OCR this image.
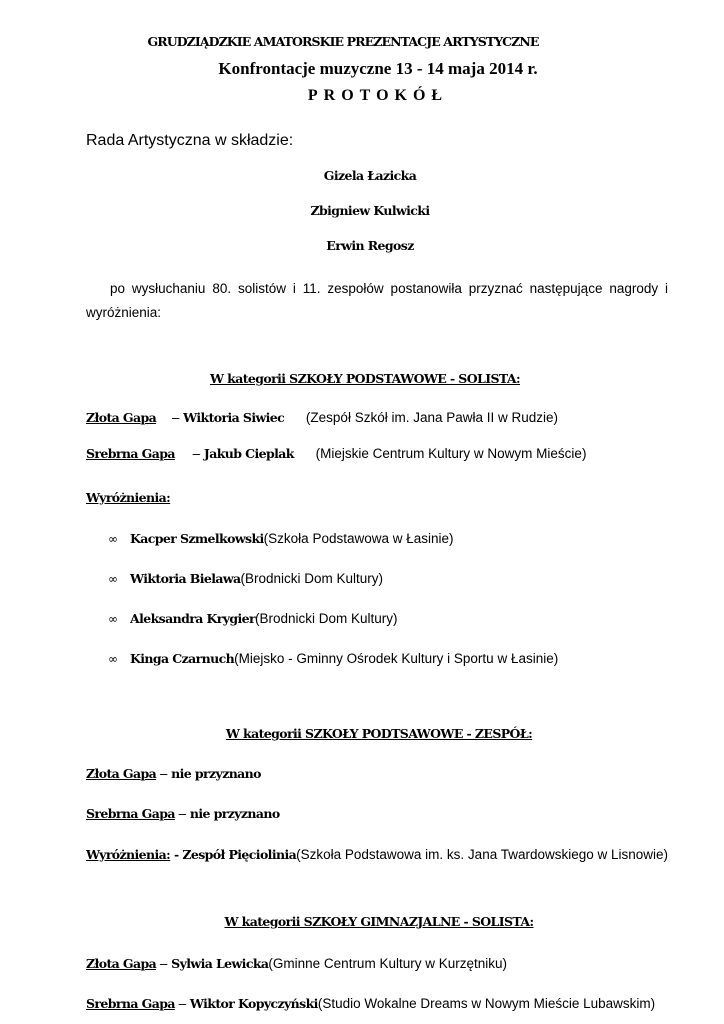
GRUDZIĄDZKIE AMATORSKIE PREZENTACJE ARTYSTYCZNE
Konfrontacje muzyczne 13 - 14 maja 2014 r.
PROTOKÓŁ
Rada Artystyczna w składzie:
Gizela Łazicka
Zbigniew Kulwicki
Erwin Regosz
po wysłuchaniu 80. solistów i 11. zespołów postanowiła przyznać następujące nagrody i wyróżnienia:
W kategorii SZKOŁY PODSTAWOWE - SOLISTA:
Złota Gapa – Wiktoria Siwiec (Zespół Szkół im. Jana Pawła II w Rudzie)
Srebrna Gapa – Jakub Cieplak (Miejskie Centrum Kultury w Nowym Mieście)
Wyróżnienia:
∞ Kacper Szmelkowski(Szkoła Podstawowa w Łasinie)
∞ Wiktoria Bielawa(Brodnicki Dom Kultury)
∞ Aleksandra Krygier(Brodnicki Dom Kultury)
∞ Kinga Czarnuch(Miejsko - Gminny Ośrodek Kultury i Sportu w Łasinie)
W kategorii SZKOŁY PODTSAWOWE - ZESPÓŁ:
Złota Gapa – nie przyznano
Srebrna Gapa – nie przyznano
Wyróżnienia: - Zespół Pięciolinia(Szkoła Podstawowa im. ks. Jana Twardowskiego w Lisnowie)
W kategorii SZKOŁY GIMNAZJALNE - SOLISTA:
Złota Gapa – Sylwia Lewicka(Gminne Centrum Kultury w Kurzętniku)
Srebrna Gapa – Wiktor Kopyczyński(Studio Wokalne Dreams w Nowym Mieście Lubawskim)
